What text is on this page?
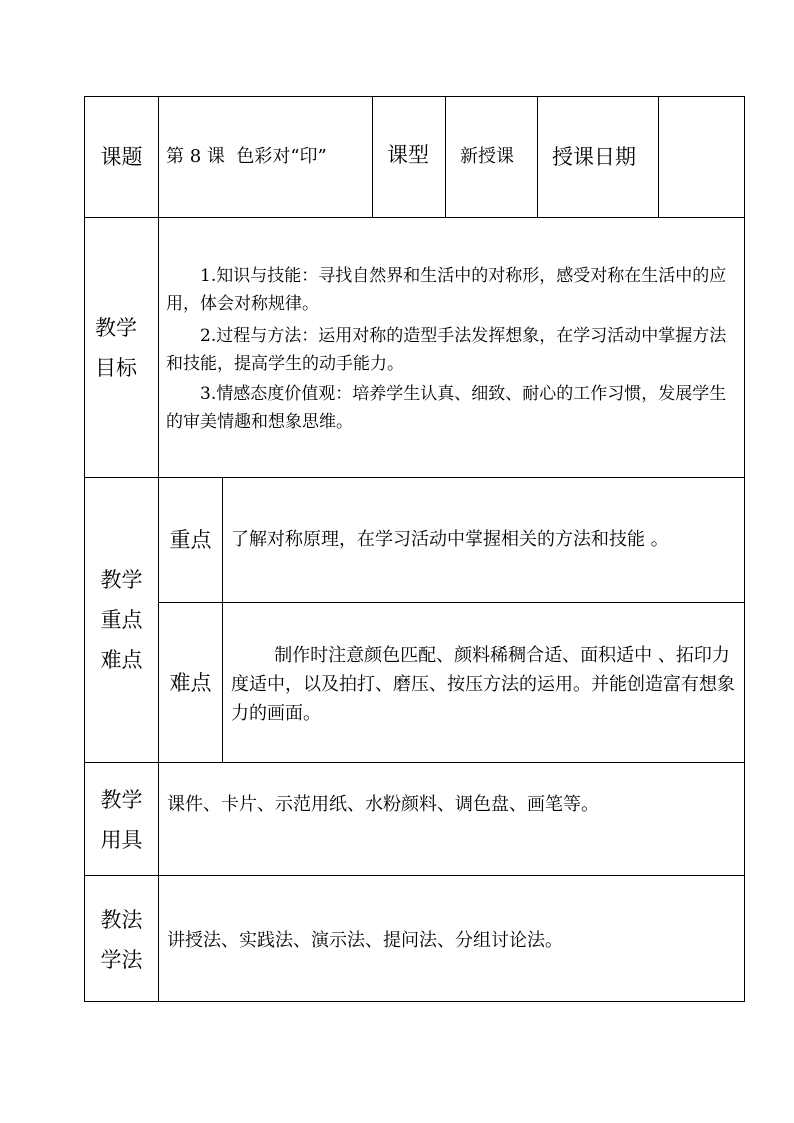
课题 第 8 课  色彩对“印”	课型 新授课 授课日期
教学
目标
1.知识与技能：寻找自然界和生活中的对称形，感受对称在生活中的应用，体会对称规律。
2.过程与方法：运用对称的造型手法发挥想象，在学习活动中掌握方法和技能，提高学生的动手能力。
3.情感态度价值观：培养学生认真、细致、耐心的工作习惯，发展学生的审美情趣和想象思维。
教学
重点
难点
重点 了解对称原理，在学习活动中掌握相关的方法和技能 。
难点
制作时注意颜色匹配、颜料稀稠合适、面积适中 、拓印力度适中，以及拍打、磨压、按压方法的运用。并能创造富有想象力的画面。
教学
用具
课件、卡片、示范用纸、水粉颜料、调色盘、画笔等。
教法
学法
讲授法、实践法、演示法、提问法、分组讨论法。
